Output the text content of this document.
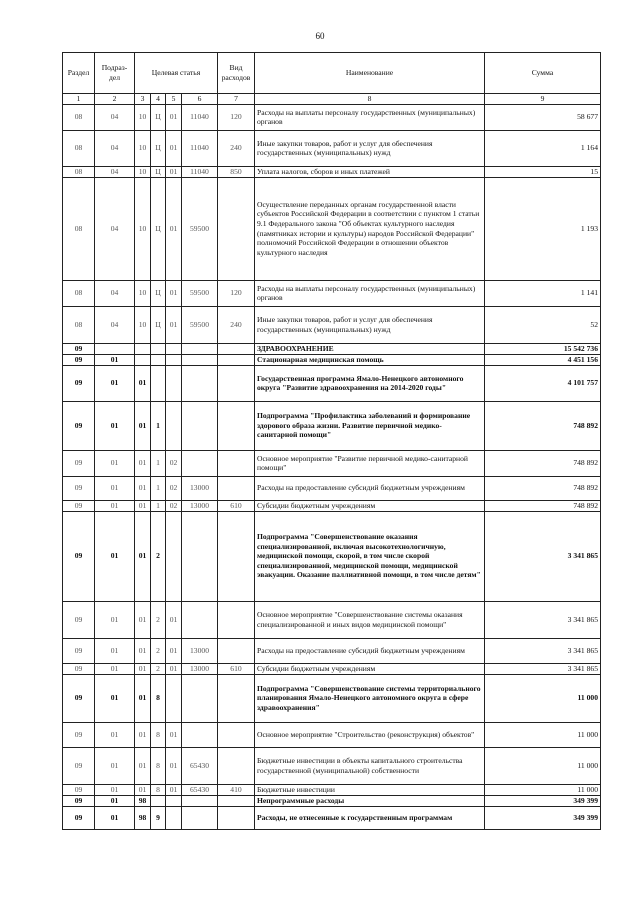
60
Раздел	Подраз-дел	Целевая статья				Вид расходов	Наименование	Сумма
1	2	3	4	5	6	7	8	9
08	04	10	Ц	01	11040	120	Расходы на выплаты персоналу государственных (муниципальных) органов	58 677
08	04	10	Ц	01	11040	240	Иные закупки товаров, работ и услуг для обеспечения государственных (муниципальных) нужд	1 164
08	04	10	Ц	01	11040	850	Уплата налогов, сборов и иных платежей	15
08	04	10	Ц	01	59500		Осуществление переданных органам государственной власти субъектов Российской Федерации в соответствии с пунктом 1 статьи 9.1 Федерального закона "Об объектах культурного наследия (памятниках истории и культуры) народов Российской Федерации" полномочий Российской Федерации в отношении объектов культурного наследия	1 193
08	04	10	Ц	01	59500	120	Расходы на выплаты персоналу государственных (муниципальных) органов	1 141
08	04	10	Ц	01	59500	240	Иные закупки товаров, работ и услуг для обеспечения государственных (муниципальных) нужд	52
09							ЗДРАВООХРАНЕНИЕ	15 542 736
09	01						Стационарная медицинская помощь	4 451 156
09	01	01					Государственная программа Ямало-Ненецкого автономного округа "Развитие здравоохранения на 2014-2020 годы"	4 101 757
09	01	01	1				Подпрограмма "Профилактика заболеваний и формирование здорового образа жизни. Развитие первичной медико-санитарной помощи"	748 892
09	01	01	1	02			Основное мероприятие "Развитие первичной медико-санитарной помощи"	748 892
09	01	01	1	02	13000		Расходы на предоставление субсидий бюджетным учреждениям	748 892
09	01	01	1	02	13000	610	Субсидии бюджетным учреждениям	748 892
09	01	01	2				Подпрограмма "Совершенствование оказания специализированной, включая высокотехнологичную, медицинской помощи, скорой, в том числе скорой специализированной, медицинской помощи, медицинской эвакуации. Оказание паллиативной помощи, в том числе детям"	3 341 865
09	01	01	2	01			Основное мероприятие "Совершенствование системы оказания специализированной и иных видов медицинской помощи"	3 341 865
09	01	01	2	01	13000		Расходы на предоставление субсидий бюджетным учреждениям	3 341 865
09	01	01	2	01	13000	610	Субсидии бюджетным учреждениям	3 341 865
09	01	01	8				Подпрограмма "Совершенствование системы территориального планирования Ямало-Ненецкого автономного округа в сфере здравоохранения"	11 000
09	01	01	8	01			Основное мероприятие "Строительство (реконструкция) объектов"	11 000
09	01	01	8	01	65430		Бюджетные инвестиции в объекты капитального строительства государственной (муниципальной) собственности	11 000
09	01	01	8	01	65430	410	Бюджетные инвестиции	11 000
09	01	98					Непрограммные расходы	349 399
09	01	98	9				Расходы, не отнесенные к государственным программам	349 399
